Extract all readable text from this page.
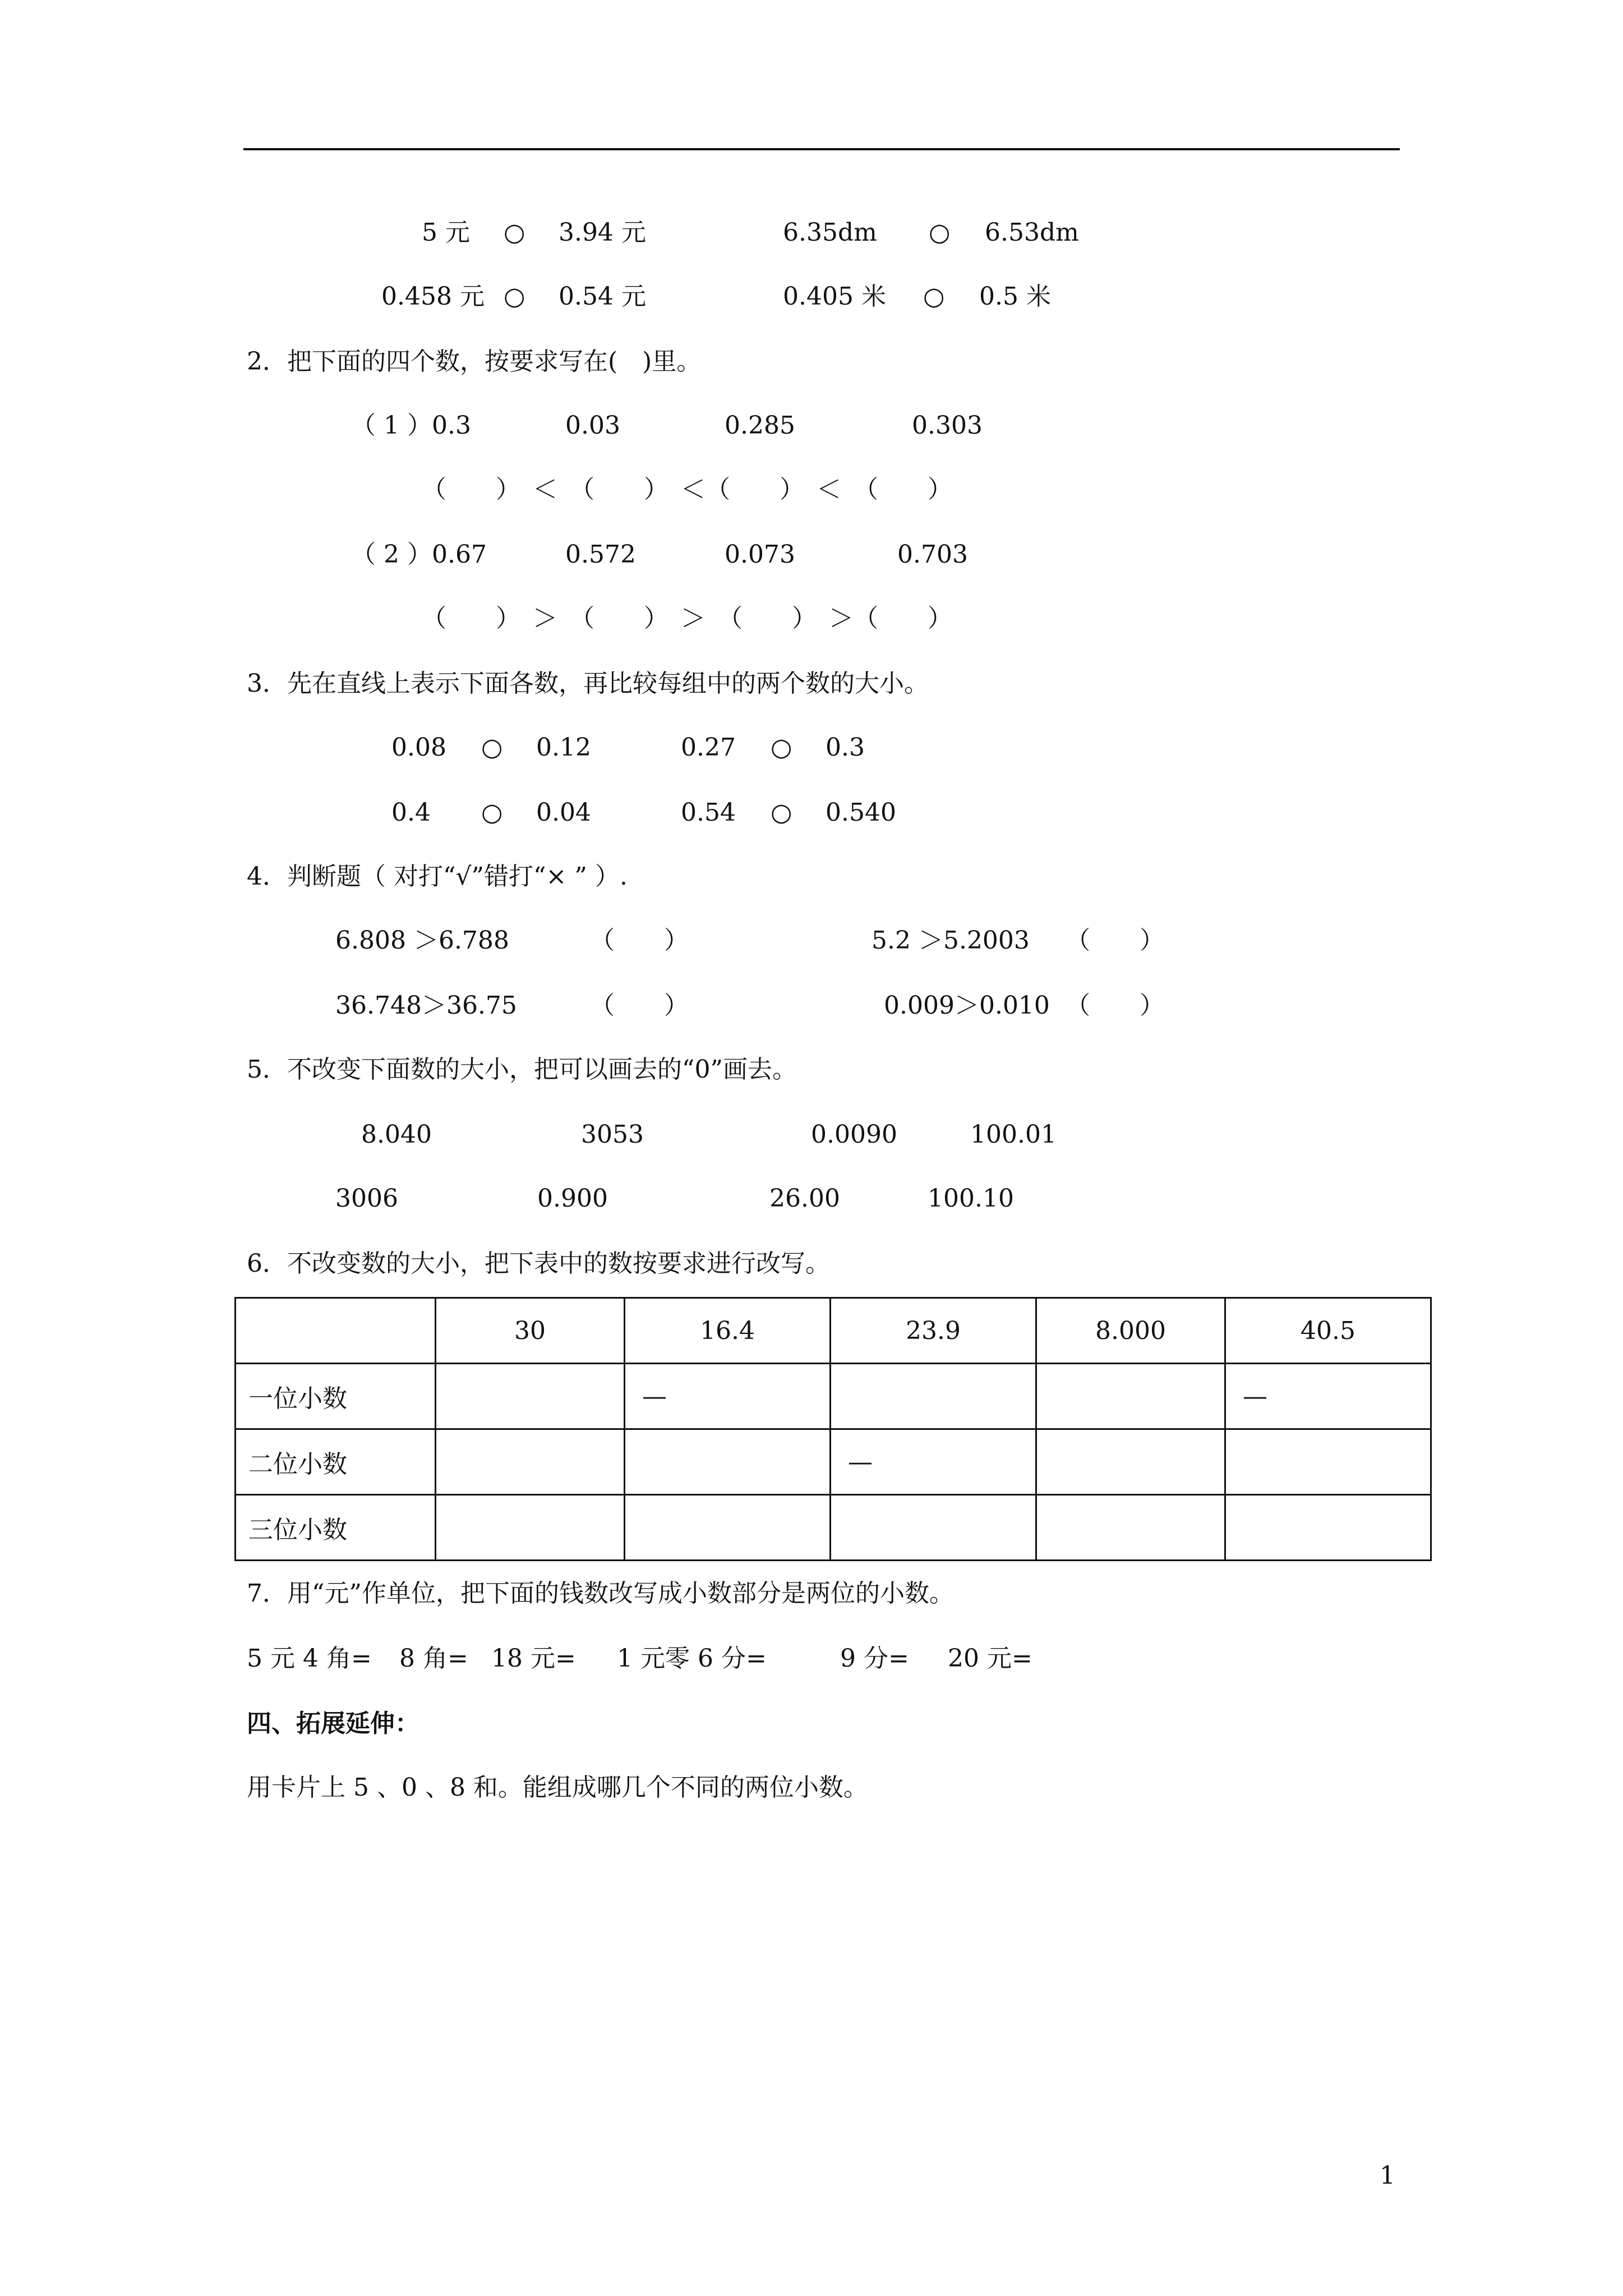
5 元 ○ 3.94 元	6.35dm ○ 6.53dm
0.458 元 ○ 0.54 元	0.405 米 ○ 0.5 米
2．把下面的四个数，按要求写在(　)里。
（ 1 ）0.3	0.03	0.285	0.303
（　　）　＜　（　　）　＜（　　）　＜　（　　）
（ 2 ）0.67	0.572	0.073	0.703
（　　）　＞　（　　）　＞　（　　）　＞（　　）
3．先在直线上表示下面各数，再比较每组中的两个数的大小。
0.08 ○ 0.12	0.27 ○ 0.3
0.4 ○ 0.04	0.54 ○ 0.540
4．判断题（ 对打“√”错打“× ” ）.
6.808 ＞6.788	（　　）	5.2 ＞5.2003 （　　）
36.748＞36.75	（　　）	0.009＞0.010 （　　）
5．不改变下面数的大小，把可以画去的“0”画去。
8.040	3053	0.0090	100.01
3006	0.900	26.00	100.10
6．不改变数的大小，把下表中的数按要求进行改写。
	30	16.4	23.9	8.000	40.5
一位小数		—			—
二位小数			—		
三位小数					
7．用“元”作单位，把下面的钱数改写成小数部分是两位的小数。
5 元 4 角= 8 角= 18 元= 1 元零 6 分=	9 分= 20 元=
四、拓展延伸：
用卡片上 5 、0 、8 和。能组成哪几个不同的两位小数。
1
